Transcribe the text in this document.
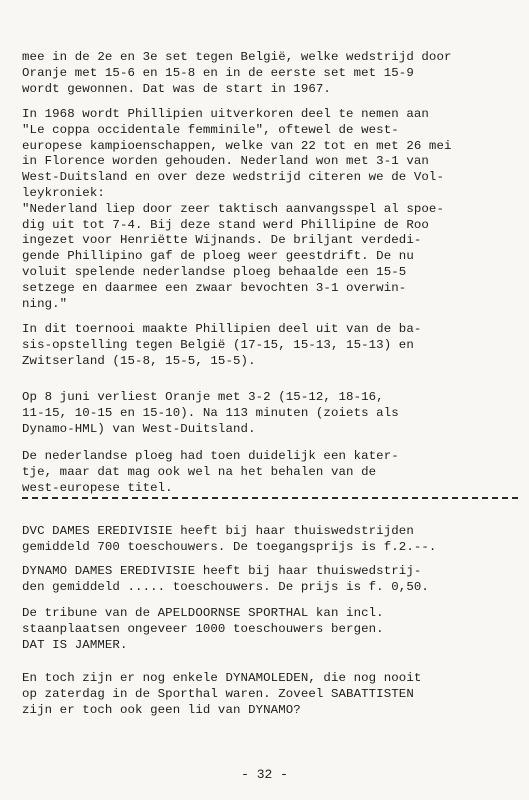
mee in de 2e en 3e set tegen België, welke wedstrijd door
Oranje met 15-6 en 15-8 en in de eerste set met 15-9
wordt gewonnen. Dat was de start in 1967.
In 1968 wordt Phillipien uitverkoren deel te nemen aan
"Le coppa occidentale femminile", oftewel de west-
europese kampioenschappen, welke van 22 tot en met 26 mei
in Florence worden gehouden. Nederland won met 3-1 van
West-Duitsland en over deze wedstrijd citeren we de Vol-
leykroniek:
"Nederland liep door zeer taktisch aanvangsspel al spoe-
dig uit tot 7-4. Bij deze stand werd Phillipine de Roo
ingezet voor Henriëtte Wijnands. De briljant verdedi-
gende Phillipino gaf de ploeg weer geestdrift. De nu
voluit spelende nederlandse ploeg behaalde een 15-5
setzege en daarmee een zwaar bevochten 3-1 overwin-
ning."
In dit toernooi maakte Phillipien deel uit van de ba-
sis-opstelling tegen België (17-15, 15-13, 15-13) en
Zwitserland (15-8, 15-5, 15-5).
Op 8 juni verliest Oranje met 3-2 (15-12, 18-16,
11-15, 10-15 en 15-10). Na 113 minuten (zoiets als
Dynamo-HML) van West-Duitsland.
De nederlandse ploeg had toen duidelijk een kater-
tje, maar dat mag ook wel na het behalen van de
west-europese titel.
DVC DAMES EREDIVISIE heeft bij haar thuiswedstrijden
gemiddeld 700 toeschouwers. De toegangsprijs is f.2.--.
DYNAMO DAMES EREDIVISIE heeft bij haar thuiswedstrij-
den gemiddeld ..... toeschouwers. De prijs is f. 0,50.
De tribune van de APELDOORNSE SPORTHAL kan incl.
staanplaatsen ongeveer 1000 toeschouwers bergen.
DAT IS JAMMER.
En toch zijn er nog enkele DYNAMOLEDEN, die nog nooit
op zaterdag in de Sporthal waren. Zoveel SABATTISTEN
zijn er toch ook geen lid van DYNAMO?
- 32 -
